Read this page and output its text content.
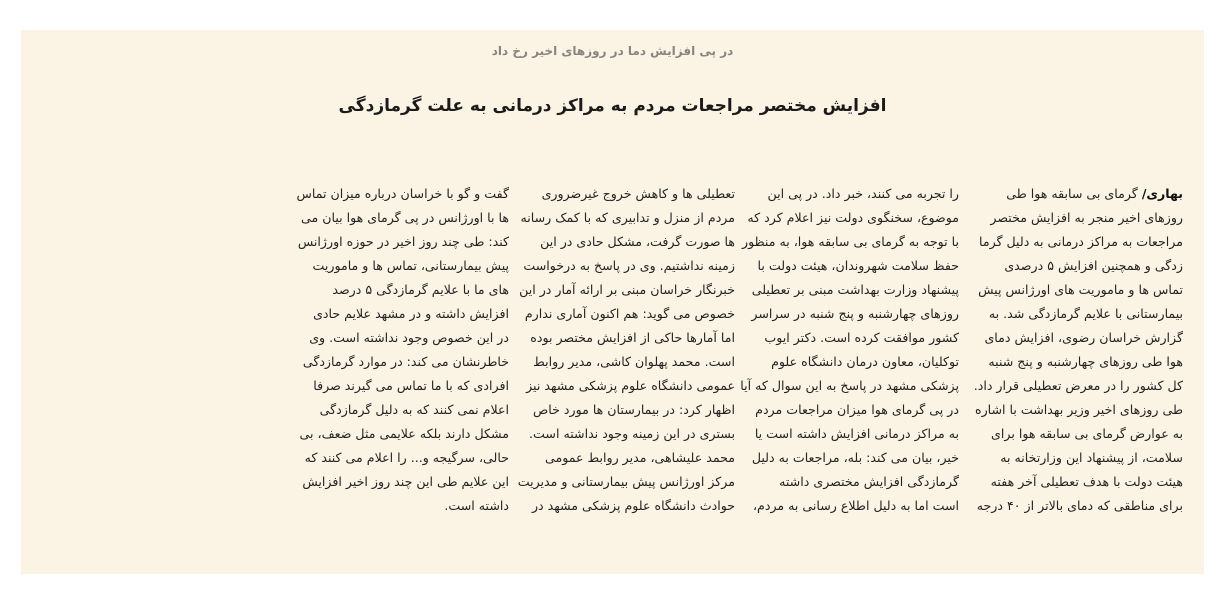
در پی افزایش دما در روزهای اخیر رخ داد
افزایش مختصر مراجعات مردم به مراکز درمانی به علت گرمازدگی
بهاری/ گرمای بی سابقه هوا طی
روزهای اخیر منجر به افزایش مختصر
مراجعات به مراکز درمانی به دلیل گرما
زدگی و همچنین افزایش ۵ درصدی
تماس ها و ماموریت های اورژانس پیش
بیمارستانی با علایم گرمازدگی شد. به
گزارش خراسان رضوی، افزایش دمای
هوا طی روزهای چهارشنبه و پنج شنبه
کل کشور را در معرض تعطیلی قرار داد.
طی روزهای اخیر وزیر بهداشت با اشاره
به عوارض گرمای بی سابقه هوا برای
سلامت، از پیشنهاد این وزارتخانه به
هیئت دولت با هدف تعطیلی آخر هفته
برای مناطقی که دمای بالاتر از ۴۰ درجه
را تجربه می کنند، خبر داد. در پی این
موضوع، سخنگوی دولت نیز اعلام کرد که
با توجه به گرمای بی سابقه هوا، به منظور
حفظ سلامت شهروندان، هیئت دولت با
پیشنهاد وزارت بهداشت مبنی بر تعطیلی
روزهای چهارشنبه و پنج شنبه در سراسر
کشور موافقت کرده است. دکتر ایوب
توکلیان، معاون درمان دانشگاه علوم
پزشکی مشهد در پاسخ به این سوال که آیا
در پی گرمای هوا میزان مراجعات مردم
به مراکز درمانی افزایش داشته است یا
خیر، بیان می کند: بله، مراجعات به دلیل
گرمازدگی افزایش مختصری داشته
است اما به دلیل اطلاع رسانی به مردم،
تعطیلی ها و کاهش خروج غیرضروری
مردم از منزل و تدابیری که با کمک رسانه
ها صورت گرفت، مشکل حادی در این
زمینه نداشتیم. وی در پاسخ به درخواست
خبرنگار خراسان مبنی بر ارائه آمار در این
خصوص می گوید: هم اکنون آماری ندارم
اما آمارها حاکی از افزایش مختصر بوده
است. محمد پهلوان کاشی، مدیر روابط
عمومی دانشگاه علوم پزشکی مشهد نیز
اظهار کرد: در بیمارستان ها مورد خاص
بستری در این زمینه وجود نداشته است.
محمد علیشاهی، مدیر روابط عمومی
مرکز اورژانس پیش بیمارستانی و مدیریت
حوادث دانشگاه علوم پزشکی مشهد در
گفت و گو با خراسان درباره میزان تماس
ها با اورژانس در پی گرمای هوا بیان می
کند: طی چند روز اخیر در حوزه اورژانس
پیش بیمارستانی، تماس ها و ماموریت
های ما با علایم گرمازدگی ۵ درصد
افزایش داشته و در مشهد علایم حادی
در این خصوص وجود نداشته است. وی
خاطرنشان می کند: در موارد گرمازدگی
افرادی که با ما تماس می گیرند صرفا
اعلام نمی کنند که به دلیل گرمازدگی
مشکل دارند بلکه علایمی مثل ضعف، بی
حالی، سرگیجه و... را اعلام می کنند که
این علایم طی این چند روز اخیر افزایش
داشته است.
